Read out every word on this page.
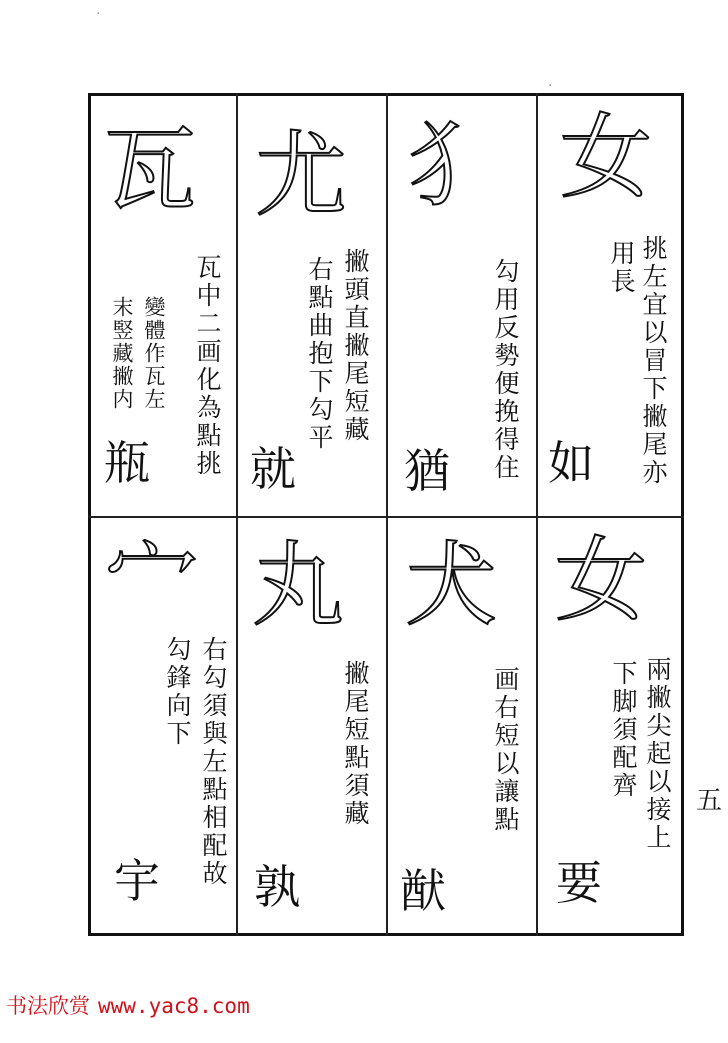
女
挑左宜以冒下撇尾亦
用長
如
犭
勾用反勢便挽得住
猶
尤
撇頭直撇尾短藏
右點曲抱下勾平
就
瓦
瓦中二画化為點挑
變體作瓦左
末竪藏撇内
瓶
女
兩撇尖起以接上
下脚須配齊
要
犬
画右短以讓點
猷
丸
撇尾短點須藏
孰
宀
右勾須與左點相配故
勾鋒向下
宇
五
书法欣赏 www.yac8.com
·
·
